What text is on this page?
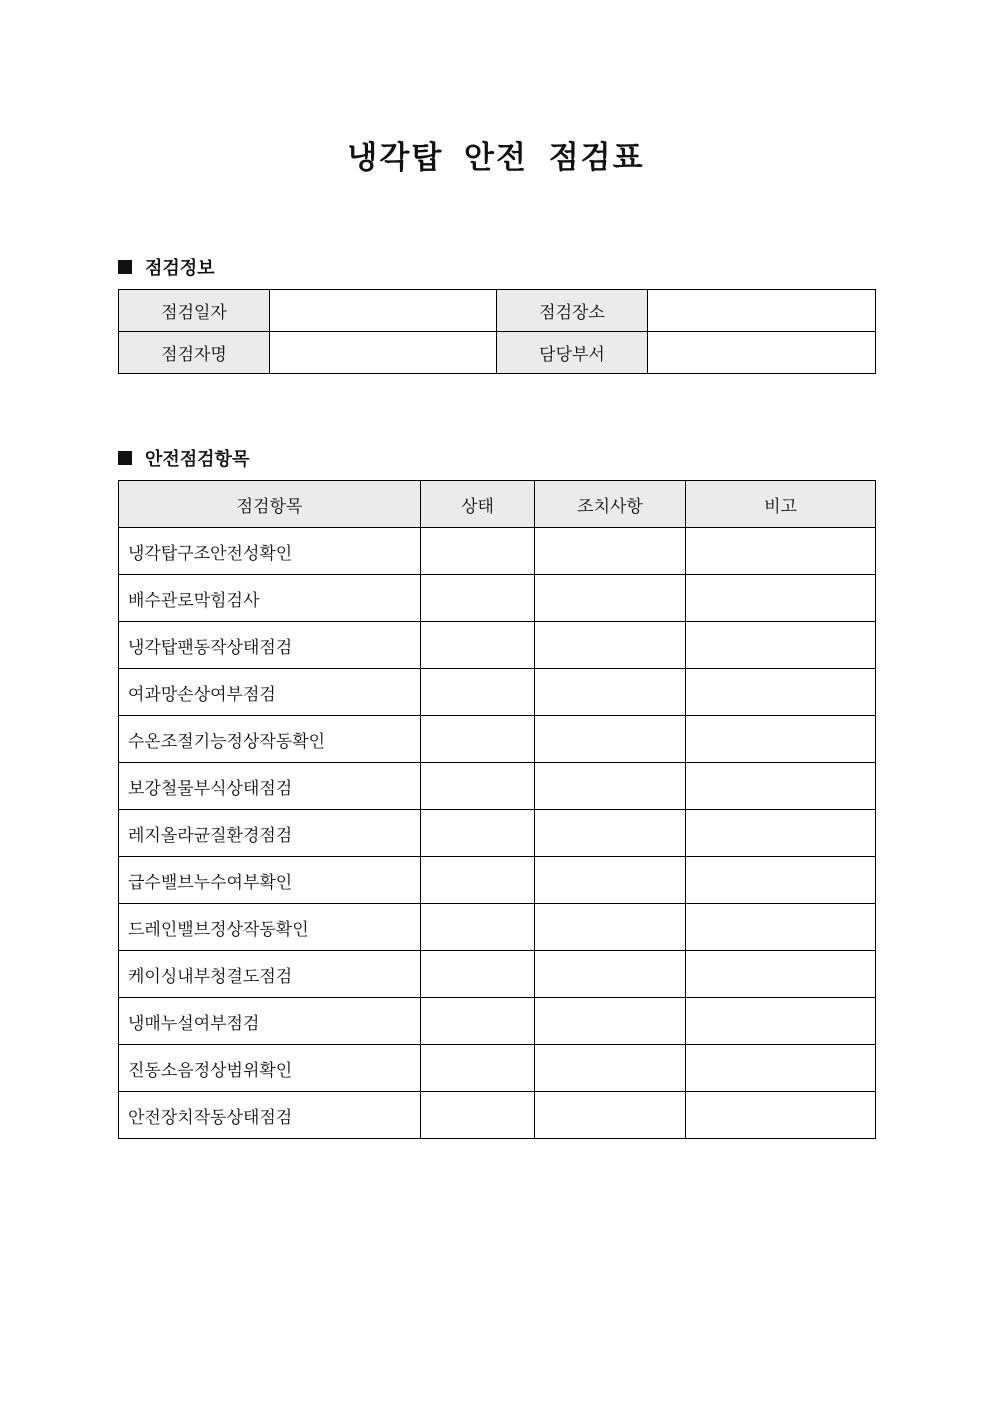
냉각탑 안전 점검표
점검정보
점검일자		점검장소	
점검자명		담당부서	
안전점검항목
점검항목	상태	조치사항	비고
냉각탑구조안전성확인			
배수관로막힘검사			
냉각탑팬동작상태점검			
여과망손상여부점검			
수온조절기능정상작동확인			
보강철물부식상태점검			
레지올라균질환경점검			
급수밸브누수여부확인			
드레인밸브정상작동확인			
케이싱내부청결도점검			
냉매누설여부점검			
진동소음정상범위확인			
안전장치작동상태점검			
